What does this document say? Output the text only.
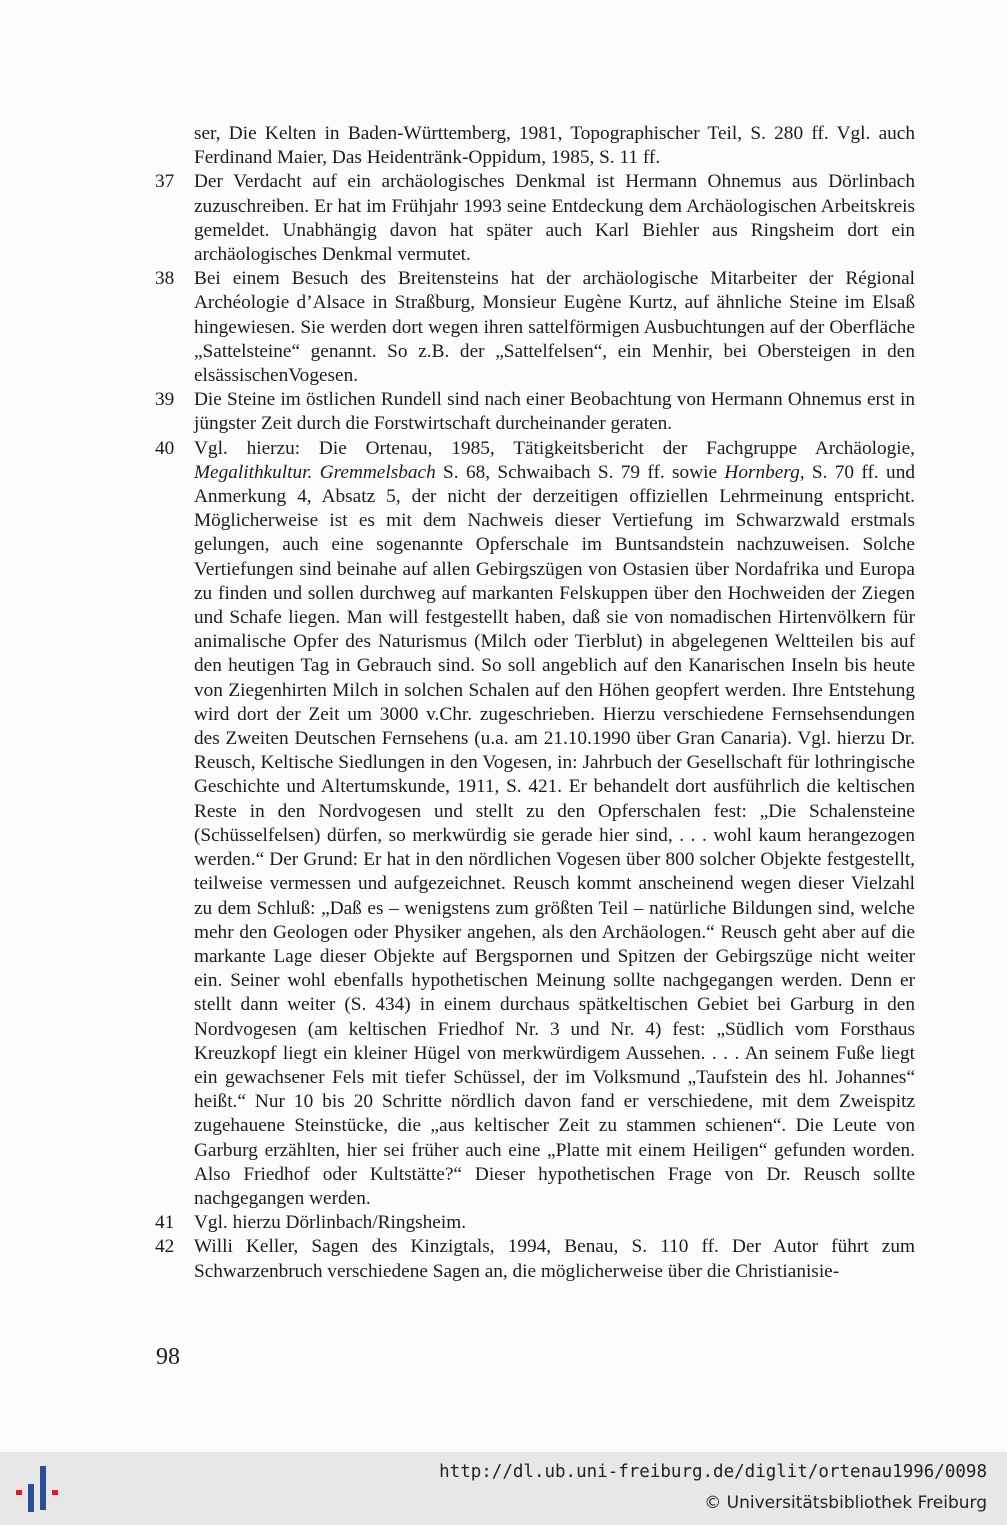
ser, Die Kelten in Baden-Württemberg, 1981, Topographischer Teil, S. 280 ff. Vgl. auch Ferdinand Maier, Das Heidentränk-Oppidum, 1985, S. 11 ff.
37 Der Verdacht auf ein archäologisches Denkmal ist Hermann Ohnemus aus Dörlinbach zuzuschreiben. Er hat im Frühjahr 1993 seine Entdeckung dem Archäologischen Arbeitskreis gemeldet. Unabhängig davon hat später auch Karl Biehler aus Ringsheim dort ein archäologisches Denkmal vermutet.
38 Bei einem Besuch des Breitensteins hat der archäologische Mitarbeiter der Régional Archéologie d’Alsace in Straßburg, Monsieur Eugène Kurtz, auf ähnliche Steine im Elsaß hingewiesen. Sie werden dort wegen ihren sattelförmigen Ausbuchtungen auf der Oberfläche „Sattelsteine“ genannt. So z.B. der „Sattelfelsen“, ein Menhir, bei Obersteigen in den elsässischenVogesen.
39 Die Steine im östlichen Rundell sind nach einer Beobachtung von Hermann Ohnemus erst in jüngster Zeit durch die Forstwirtschaft durcheinander geraten.
40 Vgl. hierzu: Die Ortenau, 1985, Tätigkeitsbericht der Fachgruppe Archäologie, Megalithkultur. Gremmelsbach S. 68, Schwaibach S. 79 ff. sowie Hornberg, S. 70 ff. und Anmerkung 4, Absatz 5, der nicht der derzeitigen offiziellen Lehrmeinung entspricht. Möglicherweise ist es mit dem Nachweis dieser Vertiefung im Schwarzwald erstmals gelungen, auch eine sogenannte Opferschale im Buntsandstein nachzuweisen. Solche Vertiefungen sind beinahe auf allen Gebirgszügen von Ostasien über Nordafrika und Europa zu finden und sollen durchweg auf markanten Felskuppen über den Hochweiden der Ziegen und Schafe liegen. Man will festgestellt haben, daß sie von nomadischen Hirtenvölkern für animalische Opfer des Naturismus (Milch oder Tierblut) in abgelegenen Weltteilen bis auf den heutigen Tag in Gebrauch sind. So soll angeblich auf den Kanarischen Inseln bis heute von Ziegenhirten Milch in solchen Schalen auf den Höhen geopfert werden. Ihre Entstehung wird dort der Zeit um 3000 v.Chr. zugeschrieben. Hierzu verschiedene Fernsehsendungen des Zweiten Deutschen Fernsehens (u.a. am 21.10.1990 über Gran Canaria). Vgl. hierzu Dr. Reusch, Keltische Siedlungen in den Vogesen, in: Jahrbuch der Gesellschaft für lothringische Geschichte und Altertumskunde, 1911, S. 421. Er behandelt dort ausführlich die keltischen Reste in den Nordvogesen und stellt zu den Opferschalen fest: „Die Schalensteine (Schüsselfelsen) dürfen, so merkwürdig sie gerade hier sind, . . . wohl kaum herangezogen werden.“ Der Grund: Er hat in den nördlichen Vogesen über 800 solcher Objekte festgestellt, teilweise vermessen und aufgezeichnet. Reusch kommt anscheinend wegen dieser Vielzahl zu dem Schluß: „Daß es – wenigstens zum größten Teil – natürliche Bildungen sind, welche mehr den Geologen oder Physiker angehen, als den Archäologen.“ Reusch geht aber auf die markante Lage dieser Objekte auf Bergspornen und Spitzen der Gebirgszüge nicht weiter ein. Seiner wohl ebenfalls hypothetischen Meinung sollte nachgegangen werden. Denn er stellt dann weiter (S. 434) in einem durchaus spätkeltischen Gebiet bei Garburg in den Nordvogesen (am keltischen Friedhof Nr. 3 und Nr. 4) fest: „Südlich vom Forsthaus Kreuzkopf liegt ein kleiner Hügel von merkwürdigem Aussehen. . . . An seinem Fuße liegt ein gewachsener Fels mit tiefer Schüssel, der im Volksmund „Taufstein des hl. Johannes“ heißt.“ Nur 10 bis 20 Schritte nördlich davon fand er verschiedene, mit dem Zweispitz zugehauene Steinstücke, die „aus keltischer Zeit zu stammen schienen“. Die Leute von Garburg erzählten, hier sei früher auch eine „Platte mit einem Heiligen“ gefunden worden. Also Friedhof oder Kultstätte?“ Dieser hypothetischen Frage von Dr. Reusch sollte nachgegangen werden.
41 Vgl. hierzu Dörlinbach/Ringsheim.
42 Willi Keller, Sagen des Kinzigtals, 1994, Benau, S. 110 ff. Der Autor führt zum Schwarzenbruch verschiedene Sagen an, die möglicherweise über die Christianisie-
98
http://dl.ub.uni-freiburg.de/diglit/ortenau1996/0098
© Universitätsbibliothek Freiburg
